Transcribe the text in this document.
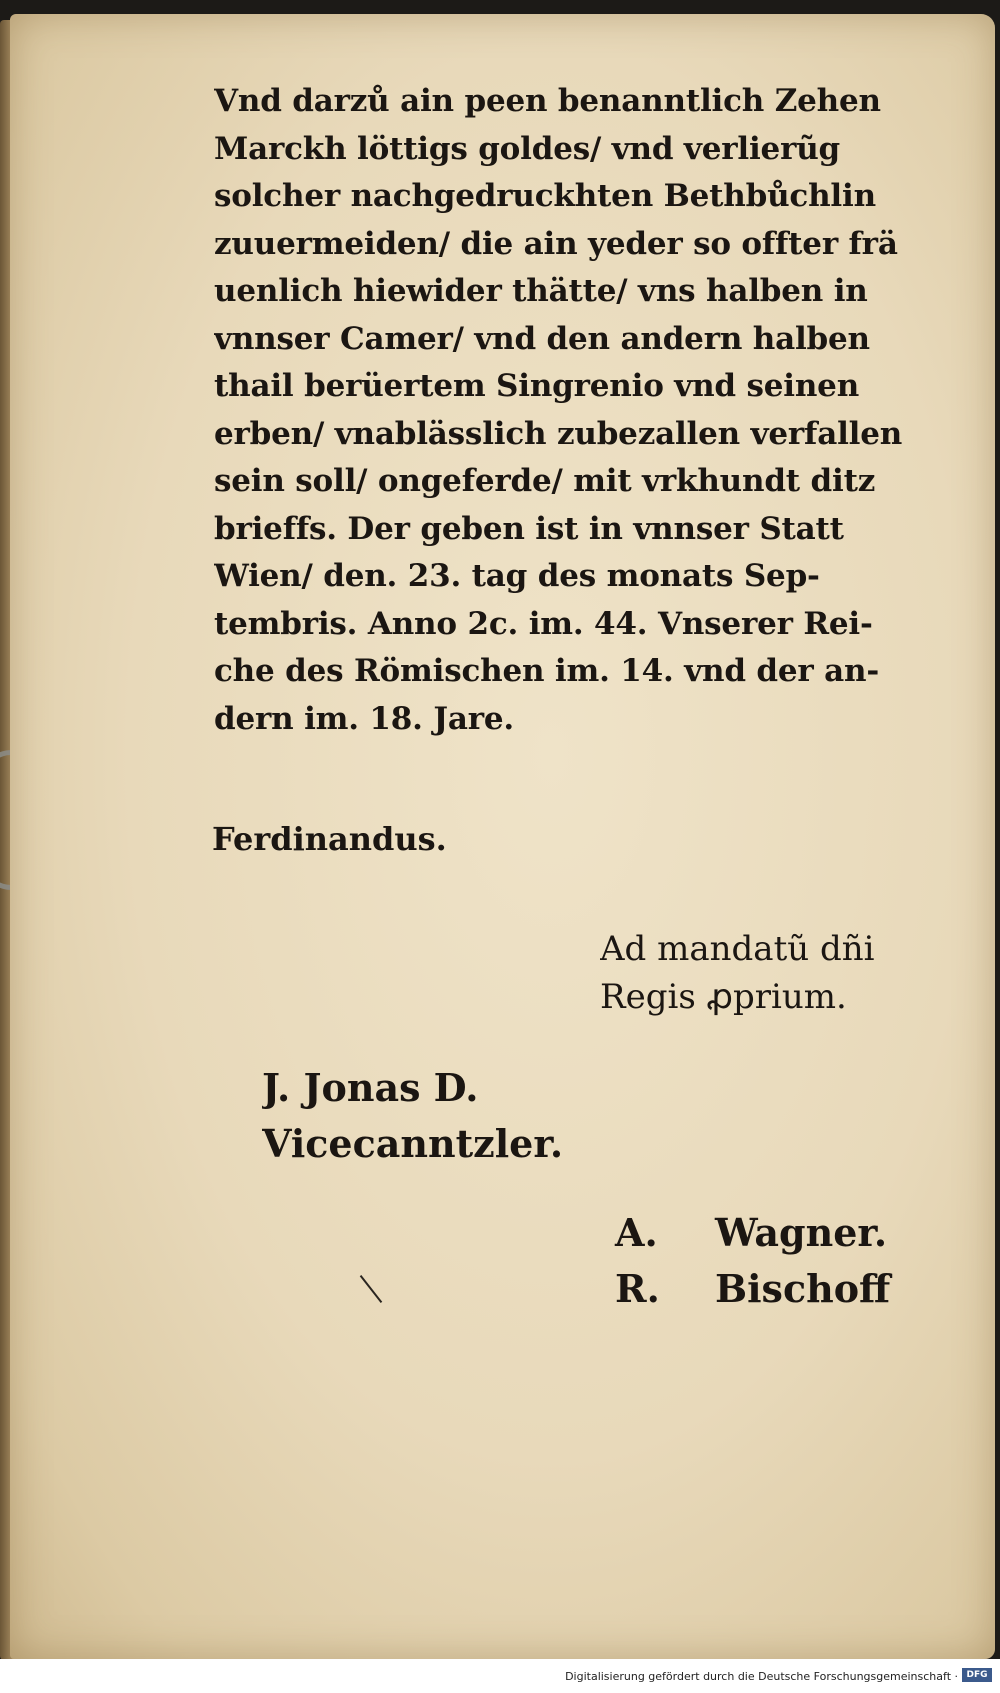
Vnd darzů ain peen benanntlich Zehen
Marckh löttigs goldes/ vnd verlierũg
solcher nachgedruckhten Bethbůchlin
zuuermeiden/ die ain yeder so offter frä
uenlich hiewider thätte/ vns halben in
vnnser Camer/ vnd den andern halben
thail berüertem Singrenio vnd seinen
erben/ vnablässlich zubezallen verfallen
sein soll/ ongeferde/ mit vrkhundt ditz
brieffs. Der geben ist in vnnser Statt
Wien/ den. 23. tag des monats Sep-
tembris. Anno 2c. im. 44. Vnserer Rei-
che des Römischen im. 14. vnd der an-
dern im. 18. Jare.
Ferdinandus.
Ad mandatũ dñi
Regis ꝓprium.
J. Jonas D.
Vicecanntzler.
A. Wagner.
R. Bischoff
Digitalisierung gefördert durch die Deutsche Forschungsgemeinschaft · DFG
